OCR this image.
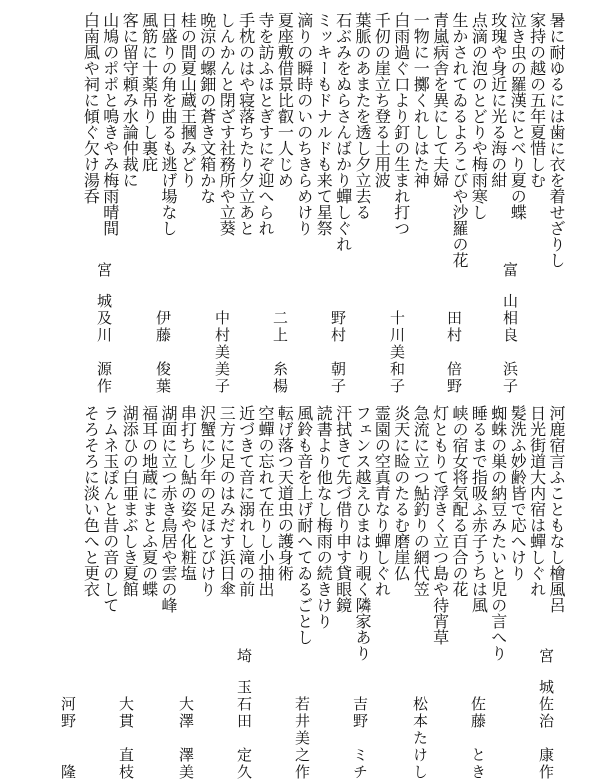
暑に耐ゆるには歯に衣を着せざりし
家持の越の五年夏惜しむ
泣き虫の羅漢にとべり夏の蝶
玫瑰や身近に光る海の紺
点滴の泡のとどりや梅雨寒し
生かされてゐるよろこびや沙羅の花
青嵐病舎を異にして夫婦
一物に一擲くれしはた神
白雨過ぐ口より釘の生まれ打つ
千仞の崖立ち登る土用波
葉脈のあまたを透し夕立去る
石ぶみをぬらさんばかり蟬しぐれ
ミッキーもドナルドも来て星祭
滴りの瞬時のいのちきらめけり
夏座敷借景比叡一人じめ
寺を訪ふほとぎすにぞ迎へられ
手枕のはや寝落ちたり夕立あと
しんかんと閉ざす社務所や立葵
晩涼の螺鈿の蒼き文箱かな
桂の間夏山蔵王摑みどり
日盛りの角を曲るも逃げ場なし
風筋に十薬吊りし裏庇
客に留守頼み水論仲裁に
山鳩のポポと鳴きやみ梅雨晴間
白南風や祠に傾ぐ欠け湯呑
富山相良　浜子
田村　倍野
十川美和子
野村　朝子
二上　糸楊
中村美美子
伊藤　俊葉
宮城及川　源作
河鹿宿言ふこともなし檜風呂
日光街道大内宿は蟬しぐれ
髪洗ふ妙齢皆で応へけり
蜘蛛の巣の納豆みたいと児の言へり
睡るまで指吸ふ赤子うちは風
峡の宿女将気配る百合の花
灯ともりて浮きく立つ島や待宵草
急流に立つ鮎釣りの網代笠
炎天に睑のたるむ磨崖仏
霊園の空真青なり蟬しぐれ
フェンス越えひまはり覗く隣家あり
汗拭きて先づ借り申す貸眼鏡
読書より他なし梅雨の続きけり
風鈴も音を上げ耐へてゐるごとし
転げ落つ天道虫の護身術
空蟬の忘れて在りし小抽出
近づきて音に溺れし滝の前
三方に足のはみだす浜日傘
沢蟹に少年の足ほとびけり
串打ちし鮎の姿や化粧塩
湖面に立つ赤き鳥居や雲の峰
福耳の地蔵にまとふ夏の蝶
湖添ひの白亜まぶしき夏館
ラムネ玉ぽんと昔の音のして
そろそろに淡い色へと更衣
宮城佐治　康作
佐藤　とき
松本たけし
吉野　ミチ
若井美之作
埼玉石田　定久
大澤　澤美
大貫　直枝
河野　　隆
